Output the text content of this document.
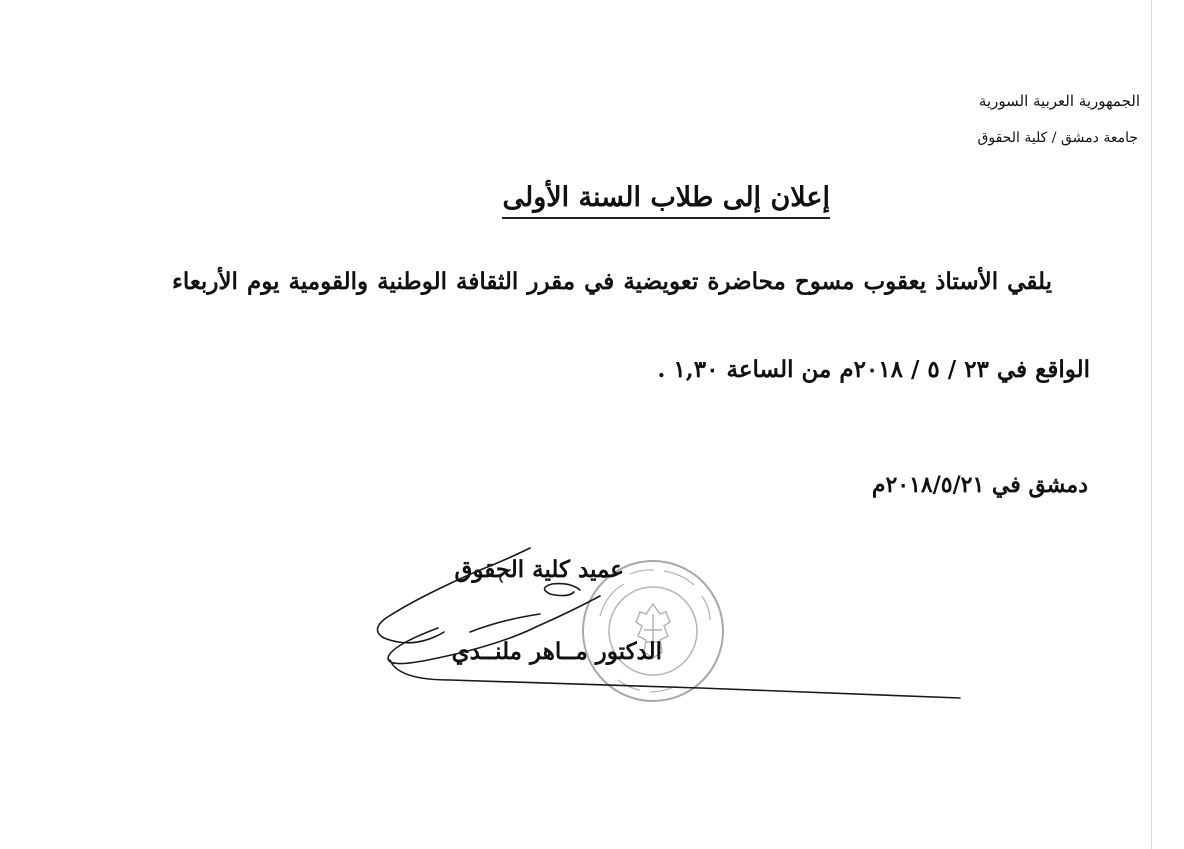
الجمهورية العربية السورية
جامعة دمشق / كلية الحقوق
إعلان إلى طلاب السنة الأولى
يلقي الأستاذ يعقوب مسوح محاضرة تعويضية في مقرر الثقافة الوطنية والقومية يوم الأربعاء
الواقع في ٢٣ / ٥ / ٢٠١٨م من الساعة ١,٣٠ .
دمشق في ٢٠١٨/٥/٢١م
عميد كلية الحقوق
الدكتور مــاهر ملنــدي
